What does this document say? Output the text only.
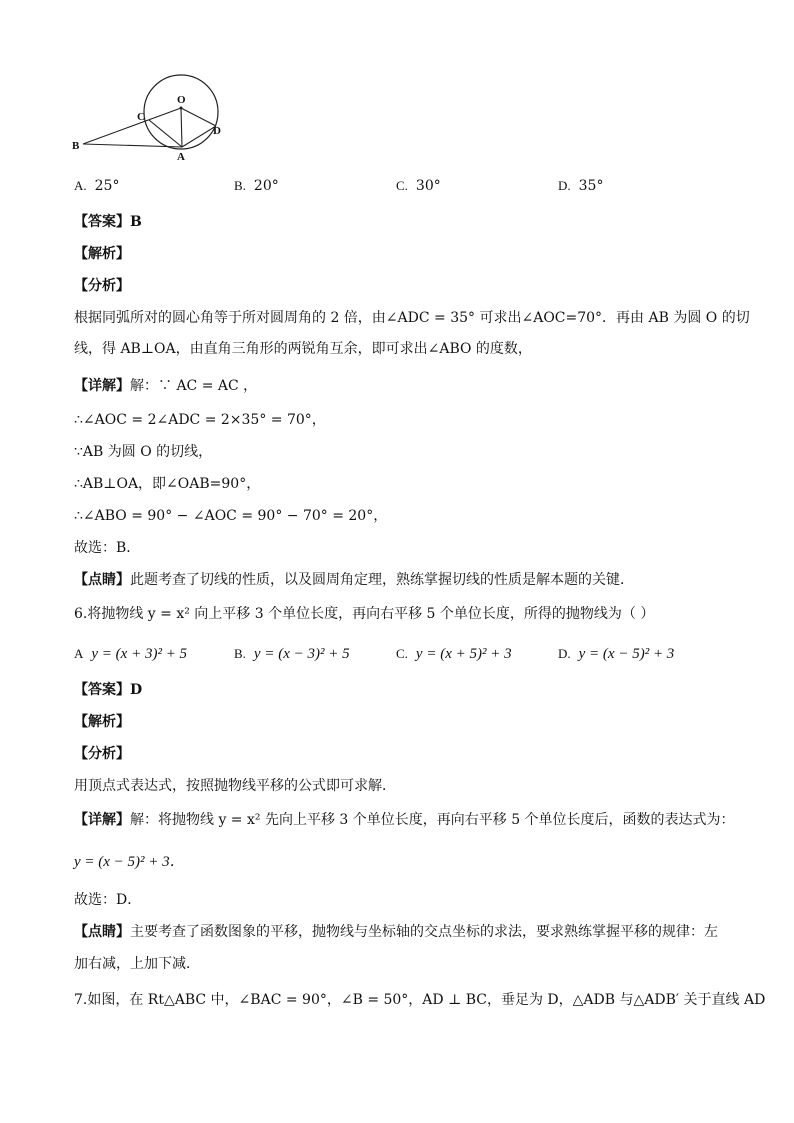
O
C
D
B
A
A. 25°	B. 20°	C. 30°	D. 35°
【答案】B
【解析】
【分析】
根据同弧所对的圆心角等于所对圆周角的 2 倍，由∠ADC = 35° 可求出∠AOC=70°．再由 AB 为圆 O 的切
线，得 AB⊥OA，由直角三角形的两锐角互余，即可求出∠ABO 的度数，
【详解】解：∵ AC = AC ，
∴∠AOC = 2∠ADC = 2×35° = 70°，
∵AB 为圆 O 的切线，
∴AB⊥OA，即∠OAB=90°，
∴∠ABO = 90° − ∠AOC = 90° − 70° = 20°，
故选：B．
【点睛】此题考查了切线的性质，以及圆周角定理，熟练掌握切线的性质是解本题的关键．
6.将抛物线 y = x² 向上平移 3 个单位长度，再向右平移 5 个单位长度，所得的抛物线为（ ）
A y = (x + 3)² + 5	B. y = (x − 3)² + 5	C. y = (x + 5)² + 3	D. y = (x − 5)² + 3
【答案】D
【解析】
【分析】
用顶点式表达式，按照抛物线平移的公式即可求解．
【详解】解：将抛物线 y = x² 先向上平移 3 个单位长度，再向右平移 5 个单位长度后，函数的表达式为：
y = (x − 5)² + 3．
故选：D．
【点睛】主要考查了函数图象的平移，抛物线与坐标轴的交点坐标的求法，要求熟练掌握平移的规律：左
加右减，上加下减．
7.如图，在 Rt△ABC 中，∠BAC = 90°，∠B = 50°，AD ⊥ BC，垂足为 D，△ADB 与△ADB′ 关于直线 AD
